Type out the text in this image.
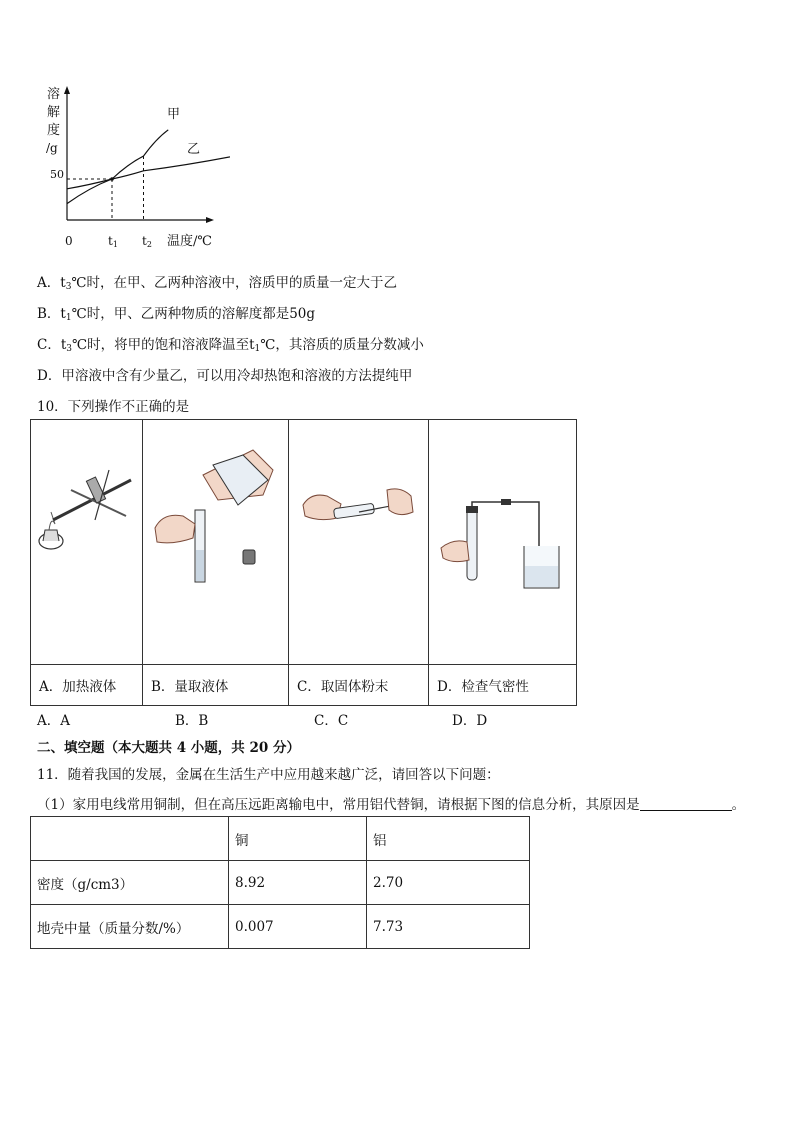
溶
解
度
/g
50
0	t1 t2 温度/℃
甲
乙
A．$t_3℃$时，在甲、乙两种溶液中，溶质甲的质量一定大于乙
B．$t_1℃$时，甲、乙两种物质的溶解度都是50g
C．$t_3℃$时，将甲的饱和溶液降温至$t_1℃$，其溶质的质量分数减小
D．甲溶液中含有少量乙，可以用冷却热饱和溶液的方法提纯甲
10．下列操作不正确的是

A．加热液体	B．量取液体	C．取固体粉末	D．检查气密性
A．A	B．B	C．C	D．D
二、填空题（本大题共 4 小题，共 20 分）
11．随着我国的发展，金属在生活生产中应用越来越广泛，请回答以下问题：
（1）家用电线常用铜制，但在高压远距离输电中，常用铝代替铜，请根据下图的信息分析，其原因是	。
	铜	铝
密度（g/cm3）	8.92	2.70
地壳中量（质量分数/%）	0.007	7.73
